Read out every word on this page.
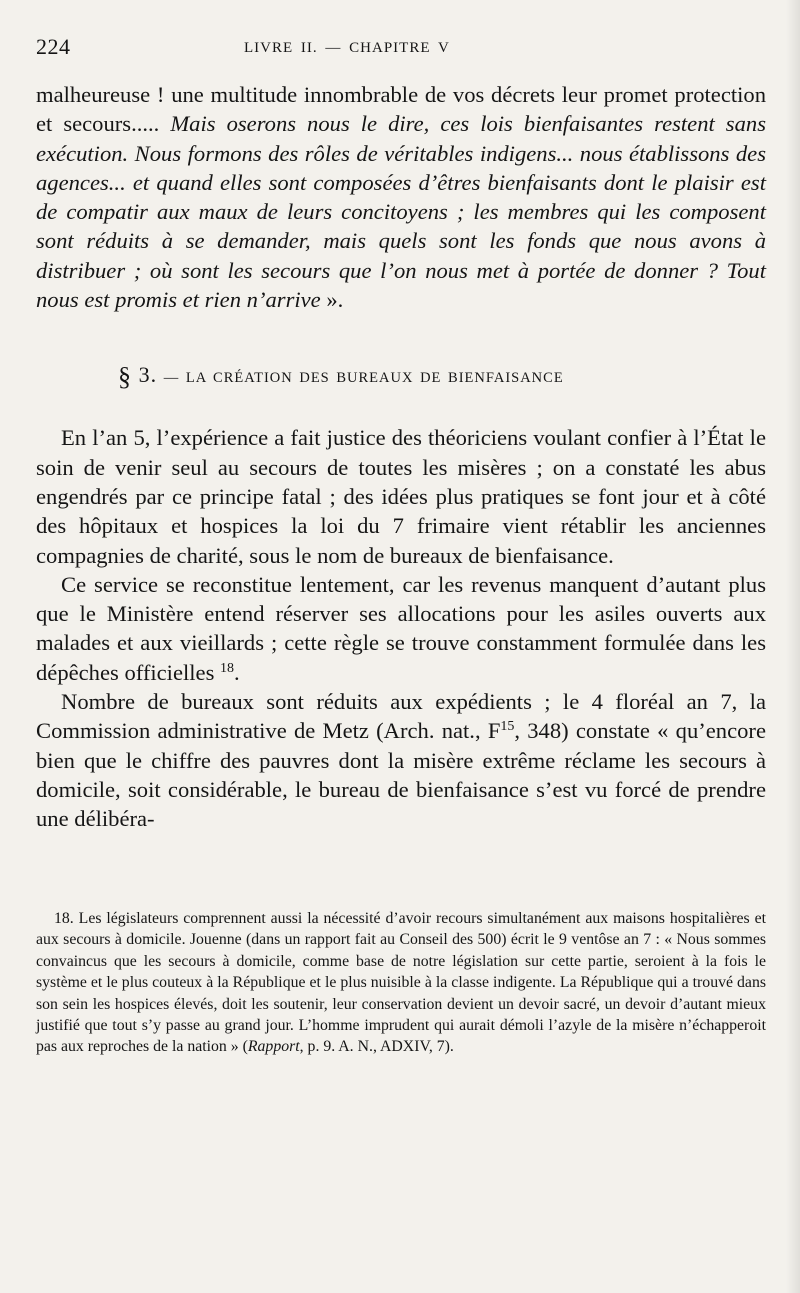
224	LIVRE II. — CHAPITRE V

malheureuse ! une multitude innombrable de vos décrets leur promet protection et secours..... Mais oserons nous le dire, ces lois bienfaisantes restent sans exécution. Nous formons des rôles de véritables indigens... nous établissons des agences... et quand elles sont composées d’êtres bienfaisants dont le plaisir est de compatir aux maux de leurs concitoyens ; les membres qui les composent sont réduits à se demander, mais quels sont les fonds que nous avons à distribuer ; où sont les secours que l’on nous met à portée de donner ? Tout nous est promis et rien n’arrive ».

§ 3. — LA CRÉATION DES BUREAUX DE BIENFAISANCE

En l’an 5, l’expérience a fait justice des théoriciens voulant confier à l’État le soin de venir seul au secours de toutes les misères ; on a constaté les abus engendrés par ce principe fatal ; des idées plus pratiques se font jour et à côté des hôpitaux et hospices la loi du 7 frimaire vient rétablir les anciennes compagnies de charité, sous le nom de bureaux de bienfaisance.

Ce service se reconstitue lentement, car les revenus manquent d’autant plus que le Ministère entend réserver ses allocations pour les asiles ouverts aux malades et aux vieillards ; cette règle se trouve constamment formulée dans les dépêches officielles $^{18}$.

Nombre de bureaux sont réduits aux expédients ; le 4 floréal an 7, la Commission administrative de Metz (Arch. nat., $F^{15}$, 348) constate « qu’encore bien que le chiffre des pauvres dont la misère extrême réclame les secours à domicile, soit considérable, le bureau de bienfaisance s’est vu forcé de prendre une délibéra-

18. Les législateurs comprennent aussi la nécessité d’avoir recours simultanément aux maisons hospitalières et aux secours à domicile. Jouenne (dans un rapport fait au Conseil des 500) écrit le 9 ventôse an 7 : « Nous sommes convaincus que les secours à domicile, comme base de notre législation sur cette partie, seroient à la fois le système et le plus couteux à la République et le plus nuisible à la classe indigente. La République qui a trouvé dans son sein les hospices élevés, doit les soutenir, leur conservation devient un devoir sacré, un devoir d’autant mieux justifié que tout s’y passe au grand jour. L’homme imprudent qui aurait démoli l’azyle de la misère n’échapperoit pas aux reproches de la nation » (Rapport, p. 9. A. N., ADXIV, 7).
